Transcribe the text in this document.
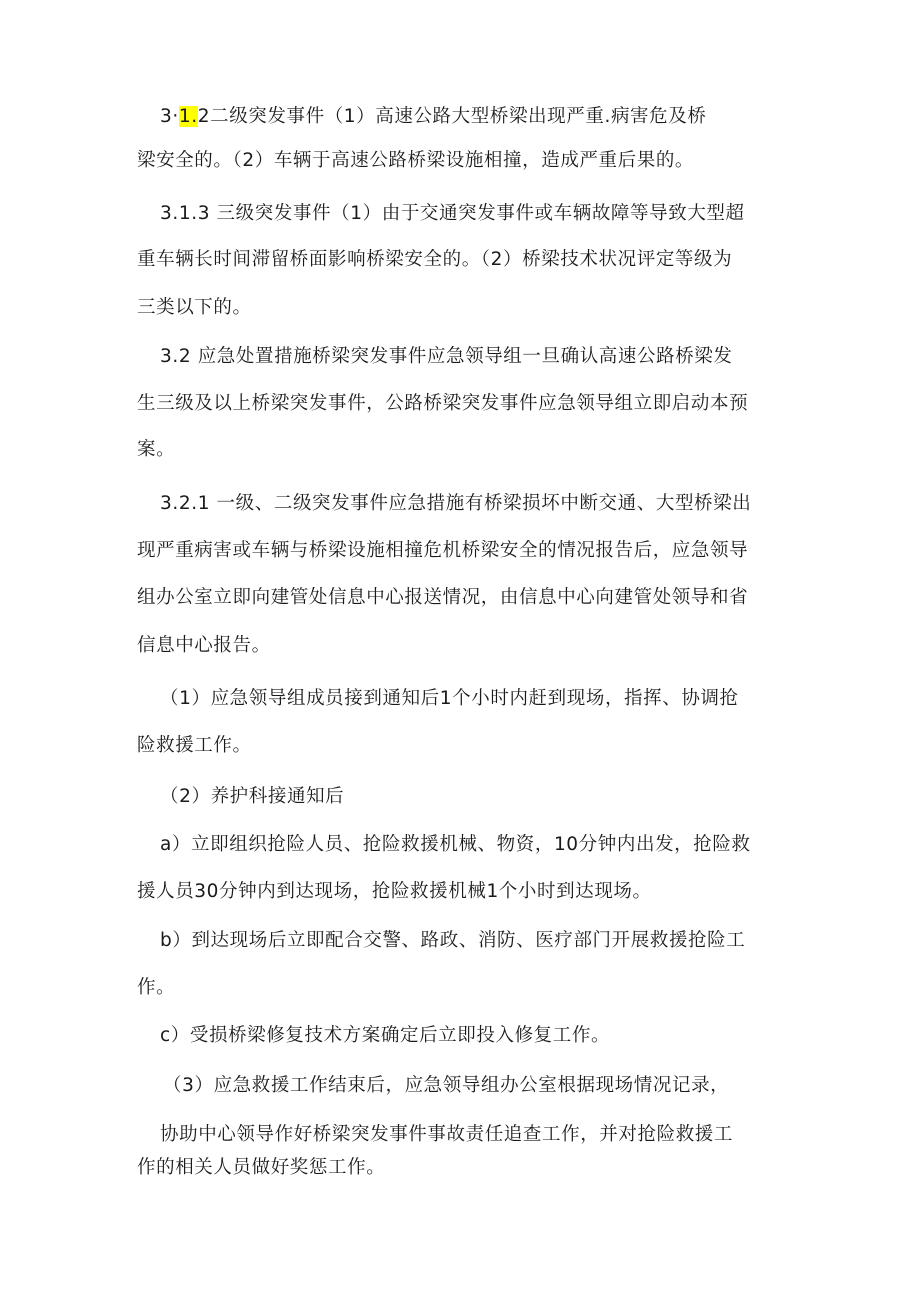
3·1.2二级突发事件（1）高速公路大型桥梁出现严重.病害危及桥
梁安全的。（2）车辆于高速公路桥梁设施相撞，造成严重后果的。
3.1.3 三级突发事件（1）由于交通突发事件或车辆故障等导致大型超
重车辆长时间滞留桥面影响桥梁安全的。（2）桥梁技术状况评定等级为
三类以下的。
3.2 应急处置措施桥梁突发事件应急领导组一旦确认高速公路桥梁发
生三级及以上桥梁突发事件，公路桥梁突发事件应急领导组立即启动本预
案。
3.2.1 一级、二级突发事件应急措施有桥梁损坏中断交通、大型桥梁出
现严重病害或车辆与桥梁设施相撞危机桥梁安全的情况报告后，应急领导
组办公室立即向建管处信息中心报送情况，由信息中心向建管处领导和省
信息中心报告。
（1）应急领导组成员接到通知后1个小时内赶到现场，指挥、协调抢
险救援工作。
（2）养护科接通知后
a）立即组织抢险人员、抢险救援机械、物资，10分钟内出发，抢险救
援人员30分钟内到达现场，抢险救援机械1个小时到达现场。
b）到达现场后立即配合交警、路政、消防、医疗部门开展救援抢险工
作。
c）受损桥梁修复技术方案确定后立即投入修复工作。
（3）应急救援工作结束后，应急领导组办公室根据现场情况记录，
协助中心领导作好桥梁突发事件事故责任追查工作，并对抢险救援工
作的相关人员做好奖惩工作。
